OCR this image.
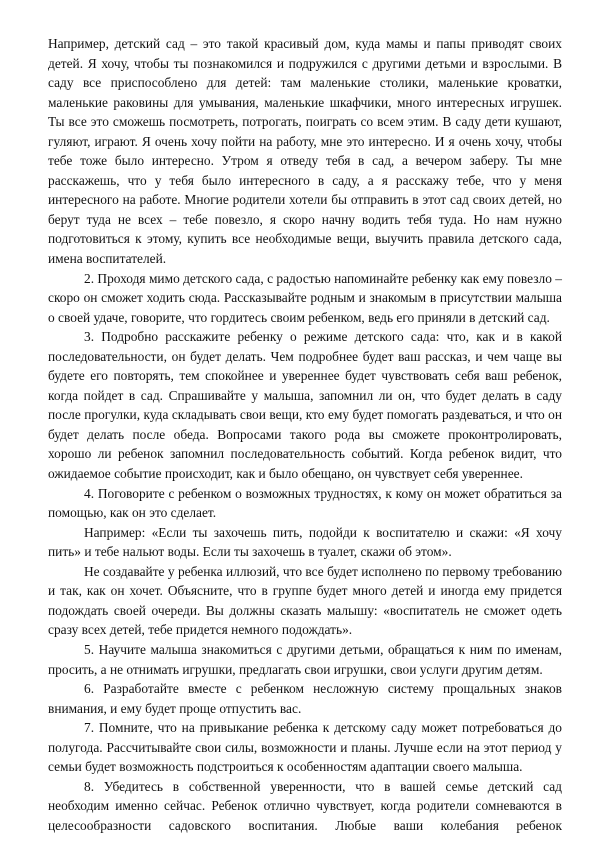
Например, детский сад – это такой красивый дом, куда мамы и папы приводят своих детей. Я хочу, чтобы ты познакомился и подружился с другими детьми и взрослыми. В саду все приспособлено для детей: там маленькие столики, маленькие кроватки, маленькие раковины для умывания, маленькие шкафчики, много интересных игрушек. Ты все это сможешь посмотреть, потрогать, поиграть со всем этим. В саду дети кушают, гуляют, играют. Я очень хочу пойти на работу, мне это интересно. И я очень хочу, чтобы тебе тоже было интересно. Утром я отведу тебя в сад, а вечером заберу. Ты мне расскажешь, что у тебя было интересного в саду, а я расскажу тебе, что у меня интересного на работе. Многие родители хотели бы отправить в этот сад своих детей, но берут туда не всех – тебе повезло, я скоро начну водить тебя туда. Но нам нужно подготовиться к этому, купить все необходимые вещи, выучить правила детского сада, имена воспитателей.

2. Проходя мимо детского сада, с радостью напоминайте ребенку как ему повезло – скоро он сможет ходить сюда. Рассказывайте родным и знакомым в присутствии малыша о своей удаче, говорите, что гордитесь своим ребенком, ведь его приняли в детский сад.

3. Подробно расскажите ребенку о режиме детского сада: что, как и в какой последовательности, он будет делать. Чем подробнее будет ваш рассказ, и чем чаще вы будете его повторять, тем спокойнее и увереннее будет чувствовать себя ваш ребенок, когда пойдет в сад. Спрашивайте у малыша, запомнил ли он, что будет делать в саду после прогулки, куда складывать свои вещи, кто ему будет помогать раздеваться, и что он будет делать после обеда. Вопросами такого рода вы сможете проконтролировать, хорошо ли ребенок запомнил последовательность событий. Когда ребенок видит, что ожидаемое событие происходит, как и было обещано, он чувствует себя увереннее.

4. Поговорите с ребенком о возможных трудностях, к кому он может обратиться за помощью, как он это сделает.

Например: «Если ты захочешь пить, подойди к воспитателю и скажи: «Я хочу пить» и тебе нальют воды. Если ты захочешь в туалет, скажи об этом».

Не создавайте у ребенка иллюзий, что все будет исполнено по первому требованию и так, как он хочет. Объясните, что в группе будет много детей и иногда ему придется подождать своей очереди. Вы должны сказать малышу: «воспитатель не сможет одеть сразу всех детей, тебе придется немного подождать».

5. Научите малыша знакомиться с другими детьми, обращаться к ним по именам, просить, а не отнимать игрушки, предлагать свои игрушки, свои услуги другим детям.

6. Разработайте вместе с ребенком несложную систему прощальных знаков внимания, и ему будет проще отпустить вас.

7. Помните, что на привыкание ребенка к детскому саду может потребоваться до полугода. Рассчитывайте свои силы, возможности и планы. Лучше если на этот период у семьи будет возможность подстроиться к особенностям адаптации своего малыша.

8. Убедитесь в собственной уверенности, что в вашей семье детский сад необходим именно сейчас. Ребенок отлично чувствует, когда родители сомневаются в целесообразности садовского воспитания. Любые ваши колебания ребенок
